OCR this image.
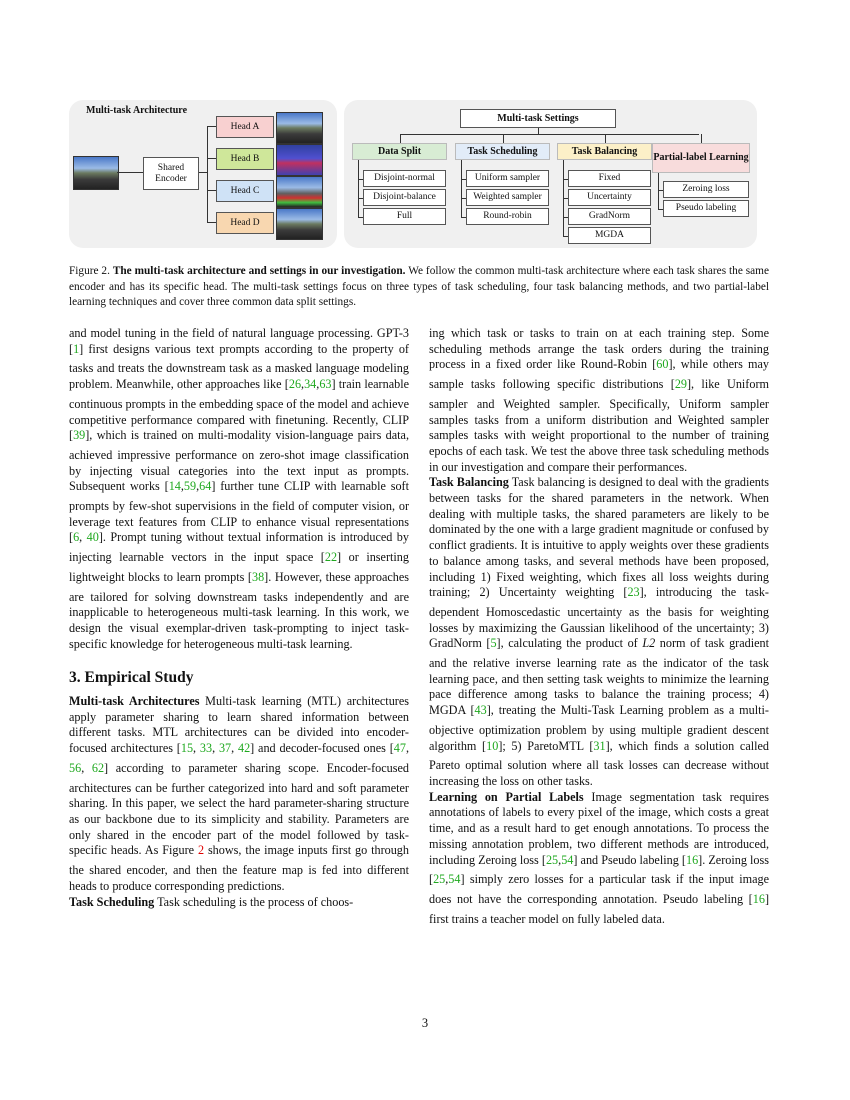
Multi-task Architecture
Shared Encoder
Head A
Head B
Head C
Head D
Multi-task Settings
Data Split
Disjoint-normal
Disjoint-balance
Full
Task Scheduling
Uniform sampler
Weighted sampler
Round-robin
Task Balancing
Fixed
Uncertainty
GradNorm
MGDA
Partial-label Learning
Zeroing loss
Pseudo labeling
Figure 2. The multi-task architecture and settings in our investigation. We follow the common multi-task architecture where each task shares the same encoder and has its specific head. The multi-task settings focus on three types of task scheduling, four task balancing methods, and two partial-label learning techniques and cover three common data split settings.

and model tuning in the field of natural language processing. GPT-3 [1] first designs various text prompts according to the property of tasks and treats the downstream task as a masked language modeling problem. Meanwhile, other approaches like [26,34,63] train learnable continuous prompts in the embedding space of the model and achieve competitive performance compared with finetuning. Recently, CLIP [39], which is trained on multi-modality vision-language pairs data, achieved impressive performance on zero-shot image classification by injecting visual categories into the text input as prompts. Subsequent works [14,59,64] further tune CLIP with learnable soft prompts by few-shot supervisions in the field of computer vision, or leverage text features from CLIP to enhance visual representations [6, 40]. Prompt tuning without textual information is introduced by injecting learnable vectors in the input space [22] or inserting lightweight blocks to learn prompts [38]. However, these approaches are tailored for solving downstream tasks independently and are inapplicable to heterogeneous multi-task learning. In this work, we design the visual exemplar-driven task-prompting to inject task-specific knowledge for heterogeneous multi-task learning.

3. Empirical Study

Multi-task Architectures Multi-task learning (MTL) architectures apply parameter sharing to learn shared information between different tasks. MTL architectures can be divided into encoder-focused architectures [15, 33, 37, 42] and decoder-focused ones [47, 56, 62] according to parameter sharing scope. Encoder-focused architectures can be further categorized into hard and soft parameter sharing. In this paper, we select the hard parameter-sharing structure as our backbone due to its simplicity and stability. Parameters are only shared in the encoder part of the model followed by task-specific heads. As Figure 2 shows, the image inputs first go through the shared encoder, and then the feature map is fed into different heads to produce corresponding predictions.

Task Scheduling Task scheduling is the process of choos-

ing which task or tasks to train on at each training step. Some scheduling methods arrange the task orders during the training process in a fixed order like Round-Robin [60], while others may sample tasks following specific distributions [29], like Uniform sampler and Weighted sampler. Specifically, Uniform sampler samples tasks from a uniform distribution and Weighted sampler samples tasks with weight proportional to the number of training epochs of each task. We test the above three task scheduling methods in our investigation and compare their performances.

Task Balancing Task balancing is designed to deal with the gradients between tasks for the shared parameters in the network. When dealing with multiple tasks, the shared parameters are likely to be dominated by the one with a large gradient magnitude or confused by conflict gradients. It is intuitive to apply weights over these gradients to balance among tasks, and several methods have been proposed, including 1) Fixed weighting, which fixes all loss weights during training; 2) Uncertainty weighting [23], introducing the task-dependent Homoscedastic uncertainty as the basis for weighting losses by maximizing the Gaussian likelihood of the uncertainty; 3) GradNorm [5], calculating the product of L2 norm of task gradient and the relative inverse learning rate as the indicator of the task learning pace, and then setting task weights to minimize the learning pace difference among tasks to balance the training process; 4) MGDA [43], treating the Multi-Task Learning problem as a multi-objective optimization problem by using multiple gradient descent algorithm [10]; 5) ParetoMTL [31], which finds a solution called Pareto optimal solution where all task losses can decrease without increasing the loss on other tasks.

Learning on Partial Labels Image segmentation task requires annotations of labels to every pixel of the image, which costs a great time, and as a result hard to get enough annotations. To process the missing annotation problem, two different methods are introduced, including Zeroing loss [25,54] and Pseudo labeling [16]. Zeroing loss [25,54] simply zero losses for a particular task if the input image does not have the corresponding annotation. Pseudo labeling [16] first trains a teacher model on fully labeled data.

3
